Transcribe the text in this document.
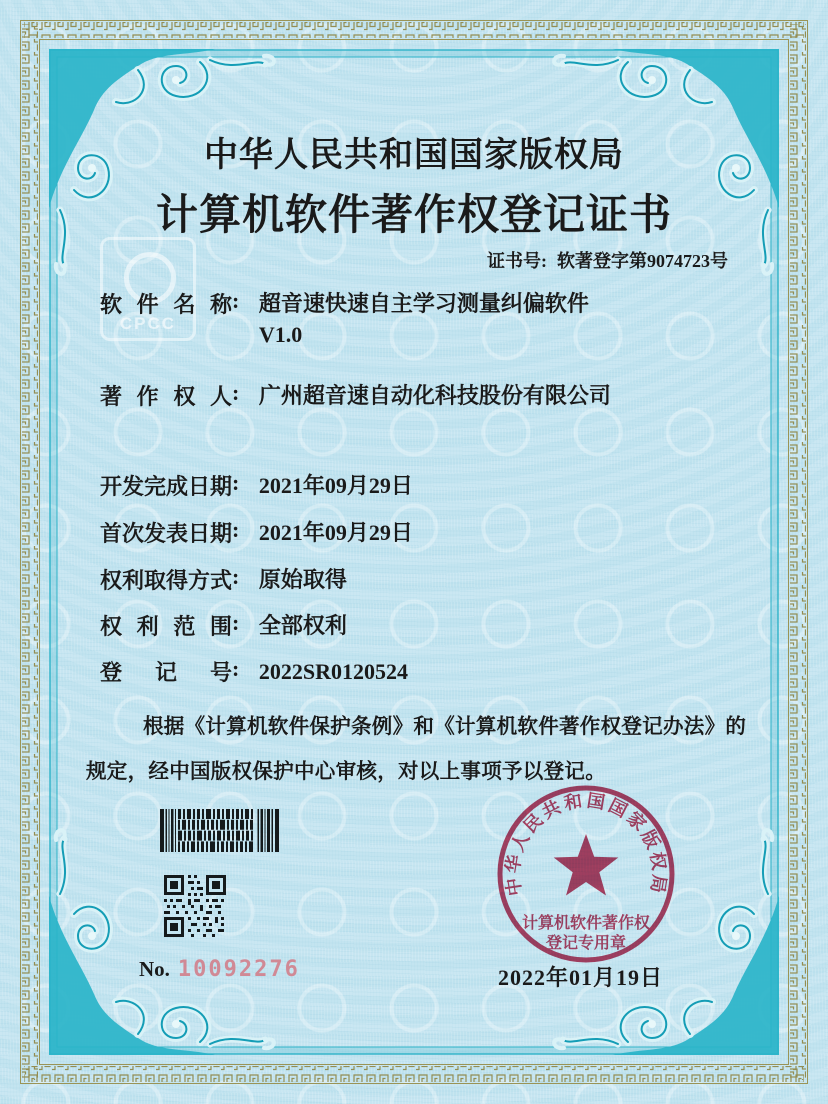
CPCC
中华人民共和国国家版权局
计算机软件著作权登记证书
证书号: 软著登字第9074723号
软件名称: 超音速快速自主学习测量纠偏软件
V1.0
著作权人: 广州超音速自动化科技股份有限公司
开发完成日期: 2021年09月29日
首次发表日期: 2021年09月29日
权利取得方式: 原始取得
权利范围: 全部权利
登记号: 2022SR0120524
根据《计算机软件保护条例》和《计算机软件著作权登记办法》的
规定，经中国版权保护中心审核，对以上事项予以登记。
No. 10092276
中华人民共和国国家版权局
计算机软件著作权
登记专用章
2022年01月19日
